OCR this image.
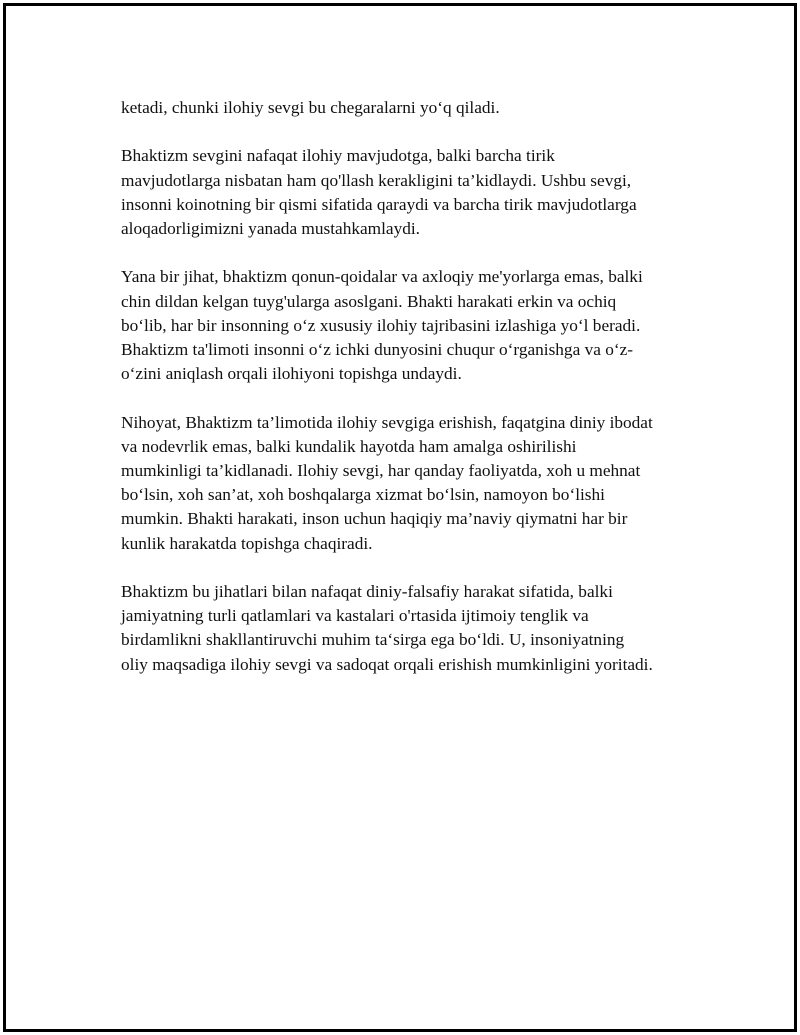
ketadi, chunki ilohiy sevgi bu chegaralarni yo‘q qiladi.

Bhaktizm sevgini nafaqat ilohiy mavjudotga, balki barcha tirik
mavjudotlarga nisbatan ham qo'llash kerakligini ta’kidlaydi. Ushbu sevgi,
insonni koinotning bir qismi sifatida qaraydi va barcha tirik mavjudotlarga
aloqadorligimizni yanada mustahkamlaydi.

Yana bir jihat, bhaktizm qonun-qoidalar va axloqiy me'yorlarga emas, balki
chin dildan kelgan tuyg'ularga asoslgani. Bhakti harakati erkin va ochiq
bo‘lib, har bir insonning o‘z xususiy ilohiy tajribasini izlashiga yo‘l beradi.
Bhaktizm ta'limoti insonni o‘z ichki dunyosini chuqur o‘rganishga va o‘z-
o‘zini aniqlash orqali ilohiyoni topishga undaydi.

Nihoyat, Bhaktizm ta’limotida ilohiy sevgiga erishish, faqatgina diniy ibodat
va nodevrlik emas, balki kundalik hayotda ham amalga oshirilishi
mumkinligi ta’kidlanadi. Ilohiy sevgi, har qanday faoliyatda, xoh u mehnat
bo‘lsin, xoh san’at, xoh boshqalarga xizmat bo‘lsin, namoyon bo‘lishi
mumkin. Bhakti harakati, inson uchun haqiqiy ma’naviy qiymatni har bir
kunlik harakatda topishga chaqiradi.

Bhaktizm bu jihatlari bilan nafaqat diniy-falsafiy harakat sifatida, balki
jamiyatning turli qatlamlari va kastalari o'rtasida ijtimoiy tenglik va
birdamlikni shakllantiruvchi muhim ta‘sirga ega bo‘ldi. U, insoniyatning
oliy maqsadiga ilohiy sevgi va sadoqat orqali erishish mumkinligini yoritadi.
